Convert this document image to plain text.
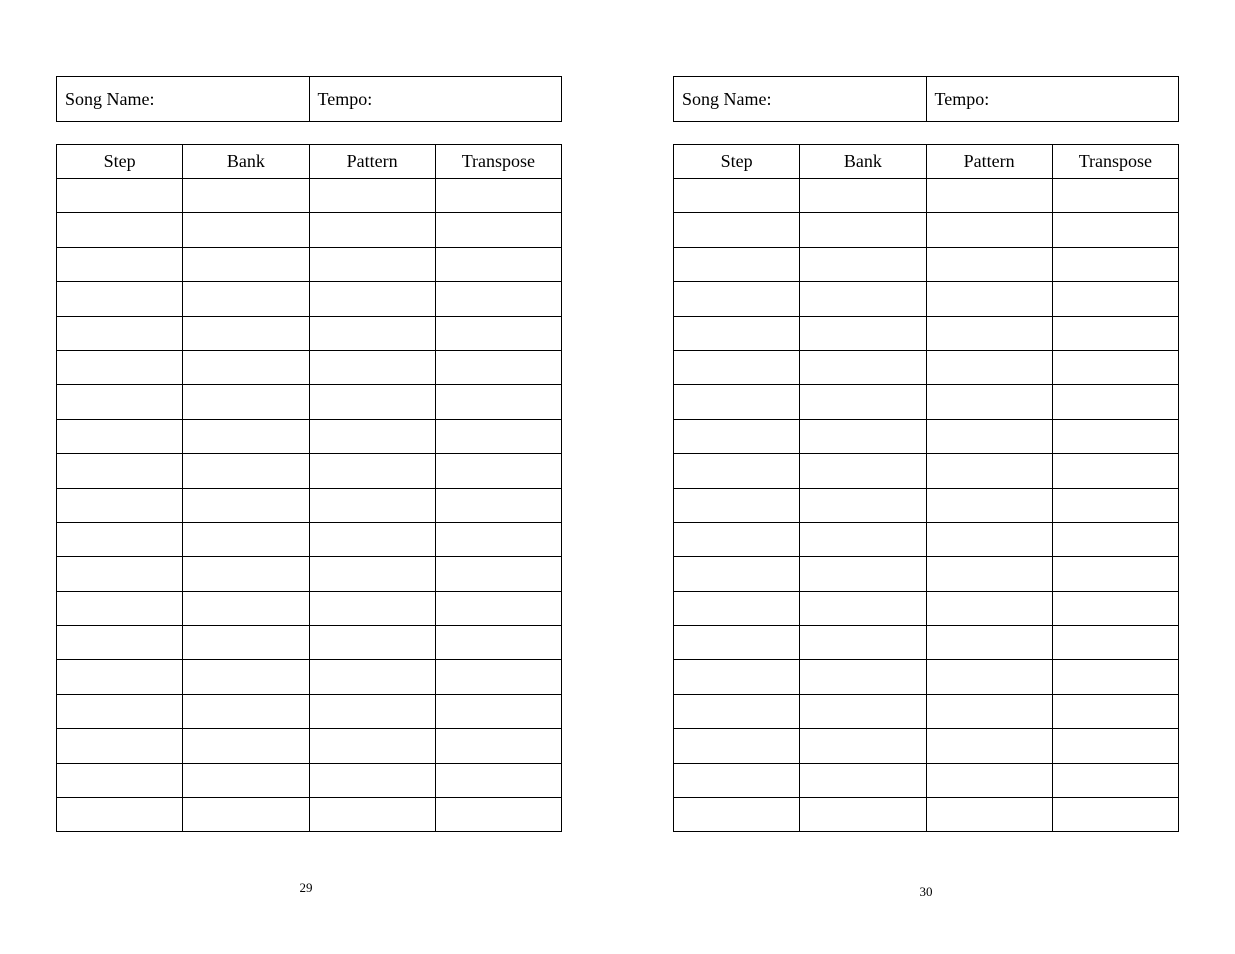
Song Name:	Tempo:
Step	Bank	Pattern	Transpose

Song Name:	Tempo:
Step	Bank	Pattern	Transpose

29	30
